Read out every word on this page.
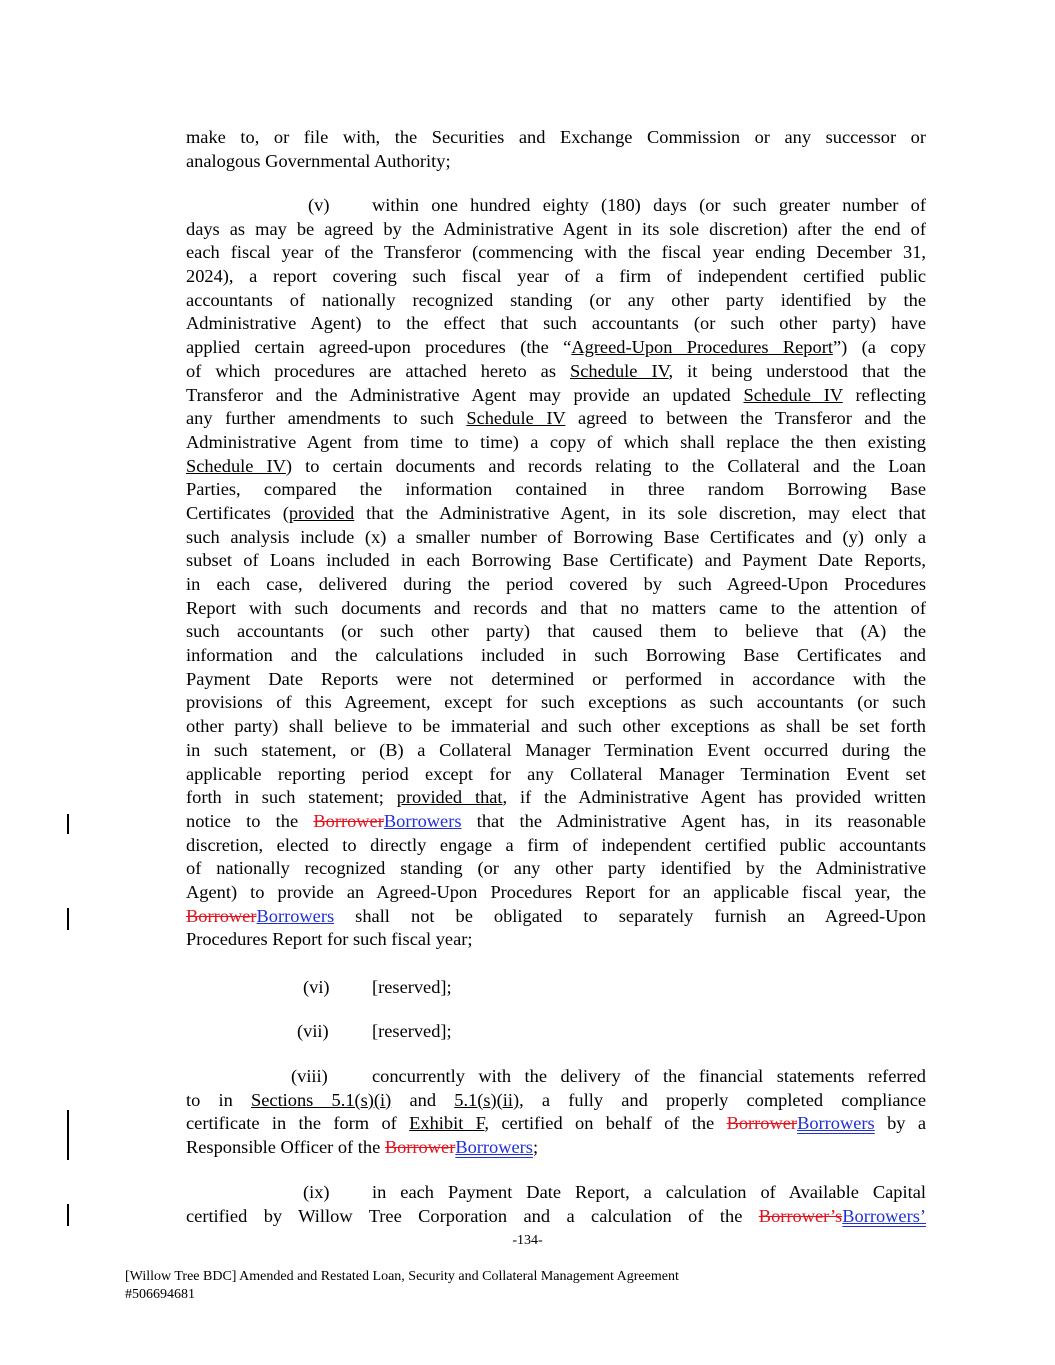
make to, or file with, the Securities and Exchange Commission or any successor or
analogous Governmental Authority;
(v)	within one hundred eighty (180) days (or such greater number of
days as may be agreed by the Administrative Agent in its sole discretion) after the end of
each fiscal year of the Transferor (commencing with the fiscal year ending December 31,
2024), a report covering such fiscal year of a firm of independent certified public
accountants of nationally recognized standing (or any other party identified by the
Administrative Agent) to the effect that such accountants (or such other party) have
applied certain agreed-upon procedures (the “Agreed-Upon Procedures Report”) (a copy
of which procedures are attached hereto as Schedule IV, it being understood that the
Transferor and the Administrative Agent may provide an updated Schedule IV reflecting
any further amendments to such Schedule IV agreed to between the Transferor and the
Administrative Agent from time to time) a copy of which shall replace the then existing
Schedule IV) to certain documents and records relating to the Collateral and the Loan
Parties, compared the information contained in three random Borrowing Base
Certificates (provided that the Administrative Agent, in its sole discretion, may elect that
such analysis include (x) a smaller number of Borrowing Base Certificates and (y) only a
subset of Loans included in each Borrowing Base Certificate) and Payment Date Reports,
in each case, delivered during the period covered by such Agreed-Upon Procedures
Report with such documents and records and that no matters came to the attention of
such accountants (or such other party) that caused them to believe that (A) the
information and the calculations included in such Borrowing Base Certificates and
Payment Date Reports were not determined or performed in accordance with the
provisions of this Agreement, except for such exceptions as such accountants (or such
other party) shall believe to be immaterial and such other exceptions as shall be set forth
in such statement, or (B) a Collateral Manager Termination Event occurred during the
applicable reporting period except for any Collateral Manager Termination Event set
forth in such statement; provided that, if the Administrative Agent has provided written
notice to the BorrowerBorrowers that the Administrative Agent has, in its reasonable
discretion, elected to directly engage a firm of independent certified public accountants
of nationally recognized standing (or any other party identified by the Administrative
Agent) to provide an Agreed-Upon Procedures Report for an applicable fiscal year, the
BorrowerBorrowers shall not be obligated to separately furnish an Agreed-Upon
Procedures Report for such fiscal year;
(vi) [reserved];
(vii) [reserved];
(viii)	concurrently with the delivery of the financial statements referred
to in Sections 5.1(s)(i) and 5.1(s)(ii), a fully and properly completed compliance
certificate in the form of Exhibit F, certified on behalf of the BorrowerBorrowers by a
Responsible Officer of the BorrowerBorrowers;
(ix)	in each Payment Date Report, a calculation of Available Capital
certified by Willow Tree Corporation and a calculation of the Borrower’sBorrowers’
-134-
[Willow Tree BDC] Amended and Restated Loan, Security and Collateral Management Agreement
#506694681
